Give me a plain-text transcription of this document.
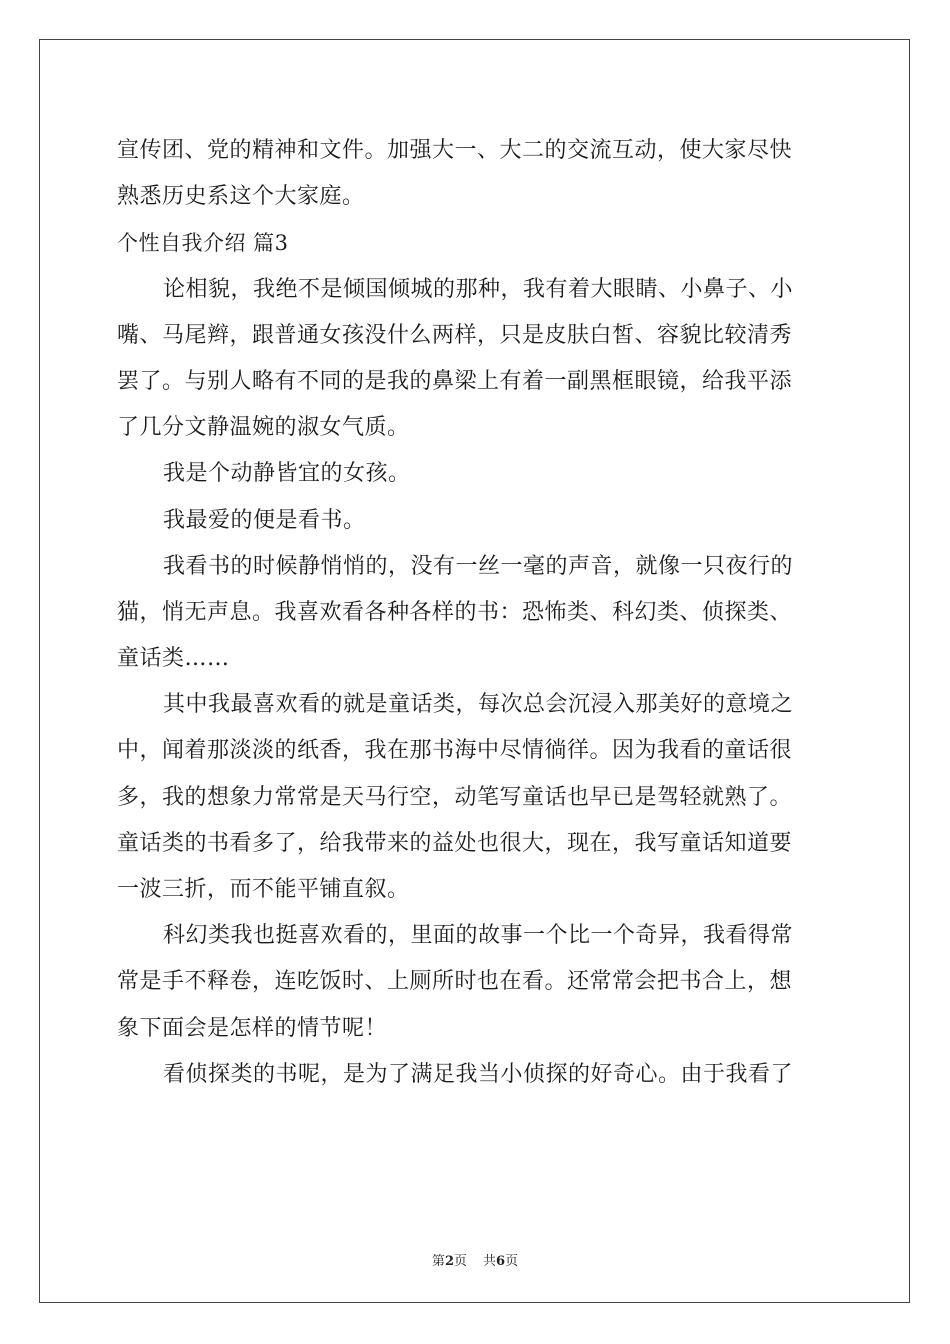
宣传团、党的精神和文件。加强大一、大二的交流互动，使大家尽快
熟悉历史系这个大家庭。
个性自我介绍 篇3
论相貌，我绝不是倾国倾城的那种，我有着大眼睛、小鼻子、小
嘴、马尾辫，跟普通女孩没什么两样，只是皮肤白皙、容貌比较清秀
罢了。与别人略有不同的是我的鼻梁上有着一副黑框眼镜，给我平添
了几分文静温婉的淑女气质。
我是个动静皆宜的女孩。
我最爱的便是看书。
我看书的时候静悄悄的，没有一丝一毫的声音，就像一只夜行的
猫，悄无声息。我喜欢看各种各样的书：恐怖类、科幻类、侦探类、
童话类……
其中我最喜欢看的就是童话类，每次总会沉浸入那美好的意境之
中，闻着那淡淡的纸香，我在那书海中尽情徜徉。因为我看的童话很
多，我的想象力常常是天马行空，动笔写童话也早已是驾轻就熟了。
童话类的书看多了，给我带来的益处也很大，现在，我写童话知道要
一波三折，而不能平铺直叙。
科幻类我也挺喜欢看的，里面的故事一个比一个奇异，我看得常
常是手不释卷，连吃饭时、上厕所时也在看。还常常会把书合上，想
象下面会是怎样的情节呢！
看侦探类的书呢，是为了满足我当小侦探的好奇心。由于我看了
第2页 共6页
